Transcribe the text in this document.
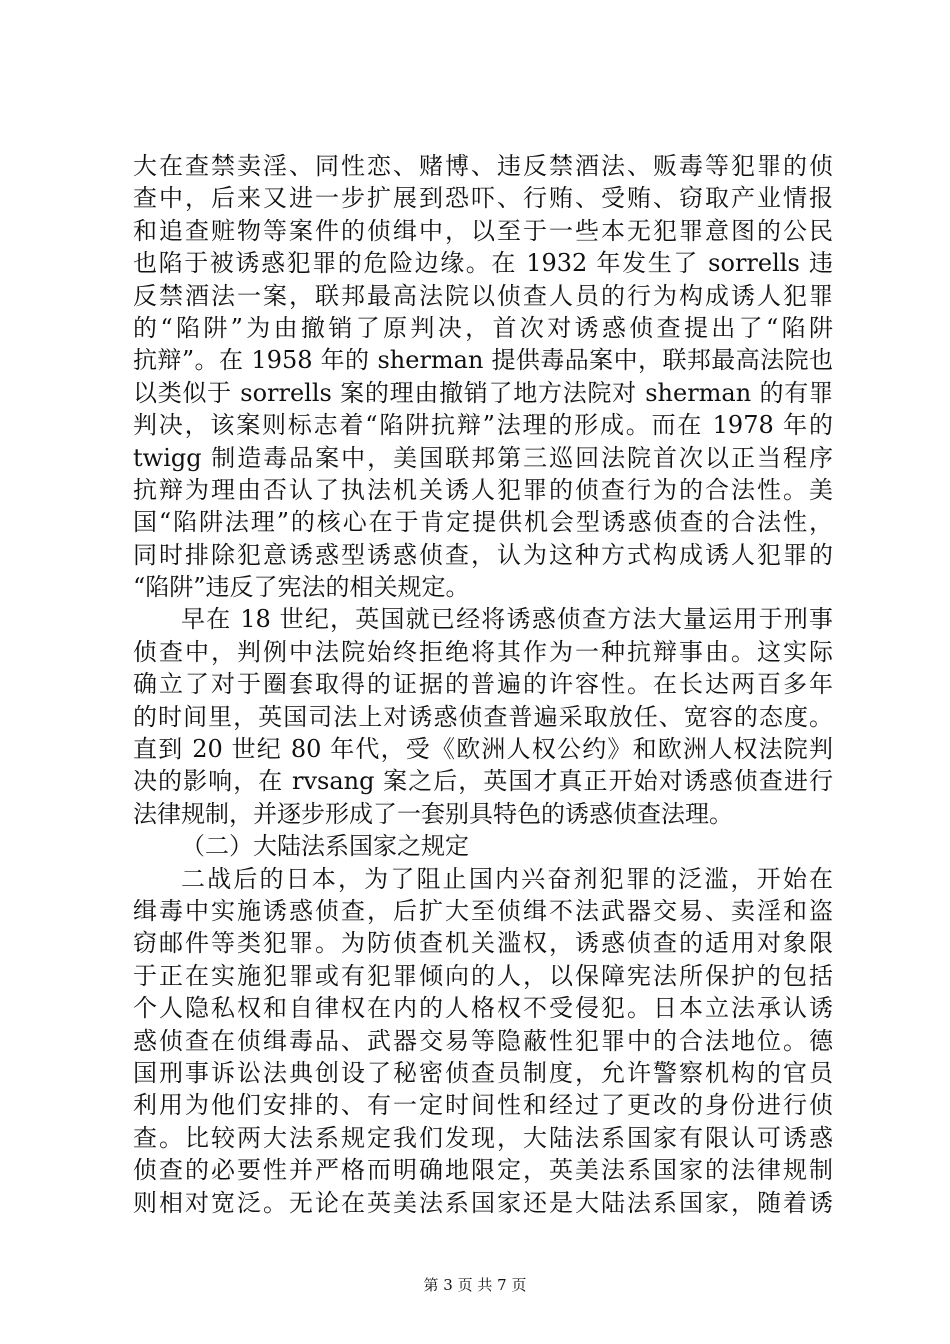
大在查禁卖淫、同性恋、赌博、违反禁酒法、贩毒等犯罪的侦
查中，后来又进一步扩展到恐吓、行贿、受贿、窃取产业情报
和追查赃物等案件的侦缉中，以至于一些本无犯罪意图的公民
也陷于被诱惑犯罪的危险边缘。在 1932 年发生了 sorrells 违
反禁酒法一案，联邦最高法院以侦查人员的行为构成诱人犯罪
的“陷阱”为由撤销了原判决，首次对诱惑侦查提出了“陷阱
抗辩”。在 1958 年的 sherman 提供毒品案中，联邦最高法院也
以类似于 sorrells 案的理由撤销了地方法院对 sherman 的有罪
判决，该案则标志着“陷阱抗辩”法理的形成。而在 1978 年的
twigg 制造毒品案中，美国联邦第三巡回法院首次以正当程序
抗辩为理由否认了执法机关诱人犯罪的侦查行为的合法性。美
国“陷阱法理”的核心在于肯定提供机会型诱惑侦查的合法性，
同时排除犯意诱惑型诱惑侦查，认为这种方式构成诱人犯罪的
“陷阱”违反了宪法的相关规定。
早在 18 世纪，英国就已经将诱惑侦查方法大量运用于刑事
侦查中，判例中法院始终拒绝将其作为一种抗辩事由。这实际
确立了对于圈套取得的证据的普遍的许容性。在长达两百多年
的时间里，英国司法上对诱惑侦查普遍采取放任、宽容的态度。
直到 20 世纪 80 年代，受《欧洲人权公约》和欧洲人权法院判
决的影响，在 rvsang 案之后，英国才真正开始对诱惑侦查进行
法律规制，并逐步形成了一套别具特色的诱惑侦查法理。
（二）大陆法系国家之规定
二战后的日本，为了阻止国内兴奋剂犯罪的泛滥，开始在
缉毒中实施诱惑侦查，后扩大至侦缉不法武器交易、卖淫和盗
窃邮件等类犯罪。为防侦查机关滥权，诱惑侦查的适用对象限
于正在实施犯罪或有犯罪倾向的人，以保障宪法所保护的包括
个人隐私权和自律权在内的人格权不受侵犯。日本立法承认诱
惑侦查在侦缉毒品、武器交易等隐蔽性犯罪中的合法地位。德
国刑事诉讼法典创设了秘密侦查员制度，允许警察机构的官员
利用为他们安排的、有一定时间性和经过了更改的身份进行侦
查。比较两大法系规定我们发现，大陆法系国家有限认可诱惑
侦查的必要性并严格而明确地限定，英美法系国家的法律规制
则相对宽泛。无论在英美法系国家还是大陆法系国家，随着诱
第 3 页 共 7 页
